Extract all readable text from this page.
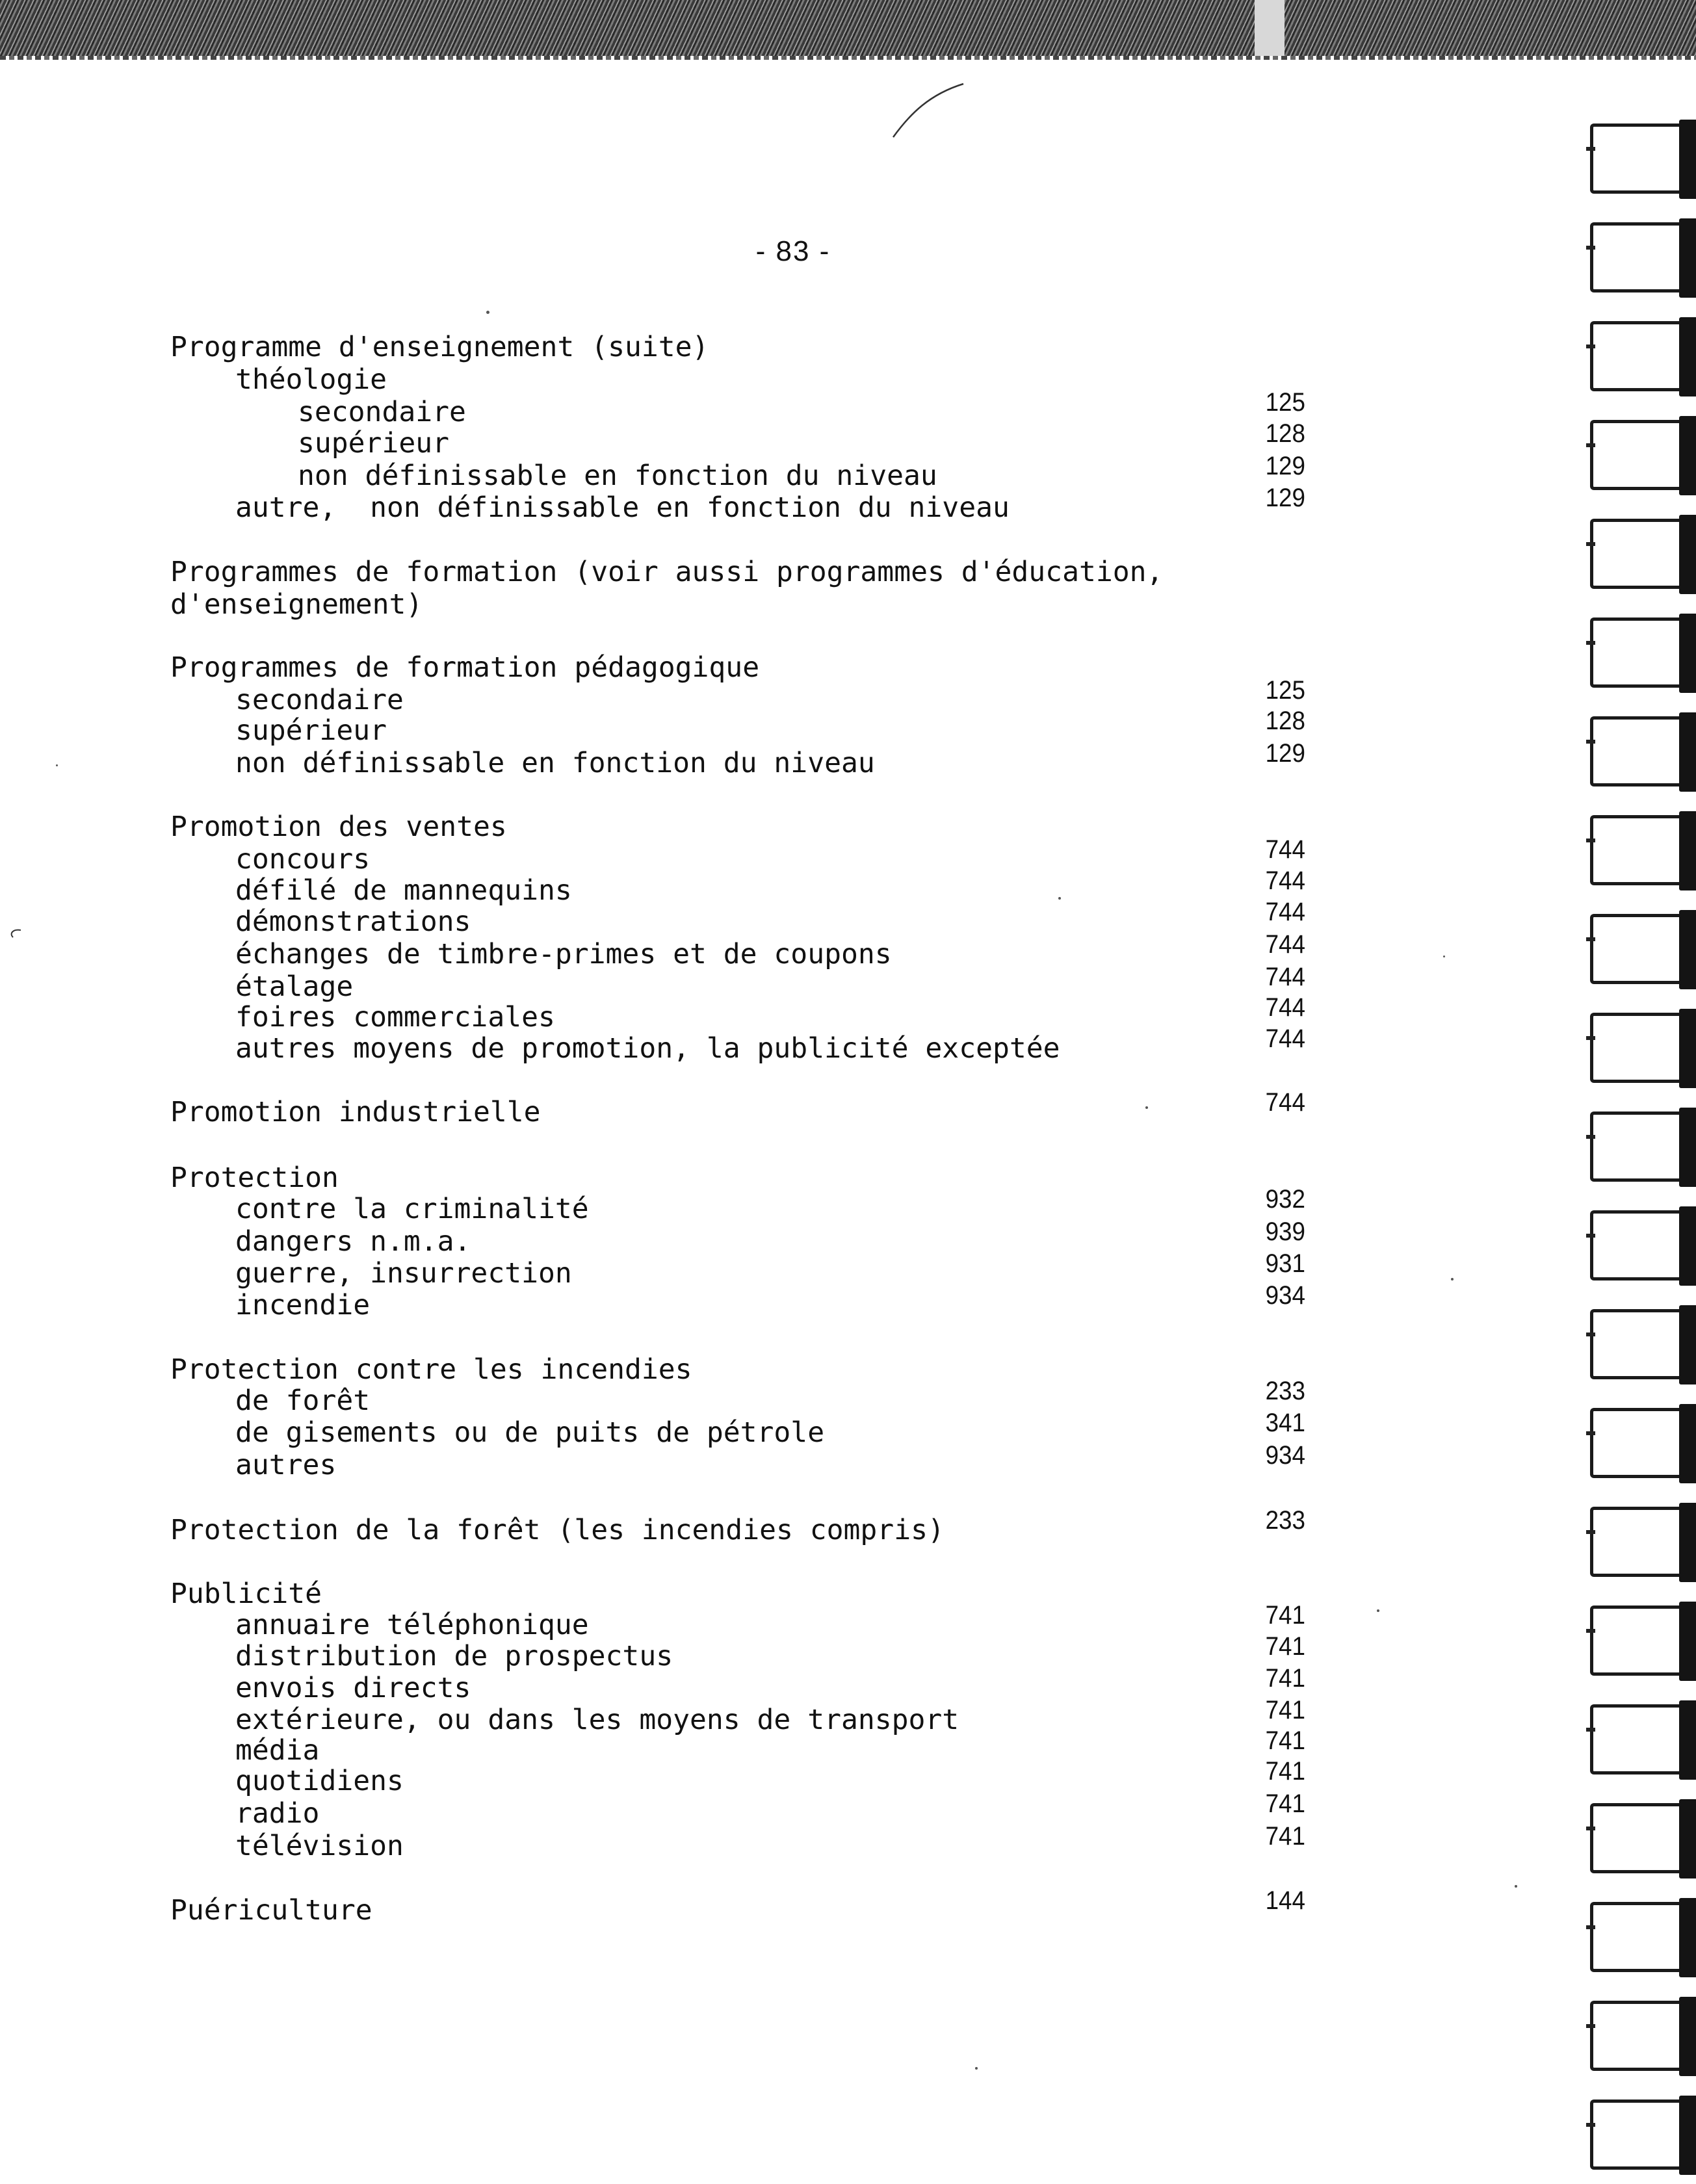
- 83 -
Programme d'enseignement (suite)
théologie
secondaire	125
supérieur	128
non définissable en fonction du niveau	129
autre,  non définissable en fonction du niveau	129
Programmes de formation (voir aussi programmes d'éducation,
d'enseignement)
Programmes de formation pédagogique
secondaire	125
supérieur	128
non définissable en fonction du niveau	129
Promotion des ventes
concours	744
défilé de mannequins	744
démonstrations	744
échanges de timbre-primes et de coupons	744
étalage	744
foires commerciales	744
autres moyens de promotion, la publicité exceptée	744
Promotion industrielle	744
Protection
contre la criminalité	932
dangers n.m.a.	939
guerre, insurrection	931
incendie	934
Protection contre les incendies
de forêt	233
de gisements ou de puits de pétrole	341
autres	934
Protection de la forêt (les incendies compris)	233
Publicité
annuaire téléphonique	741
distribution de prospectus	741
envois directs	741
extérieure, ou dans les moyens de transport	741
média	741
quotidiens	741
radio	741
télévision	741
Puériculture	144
